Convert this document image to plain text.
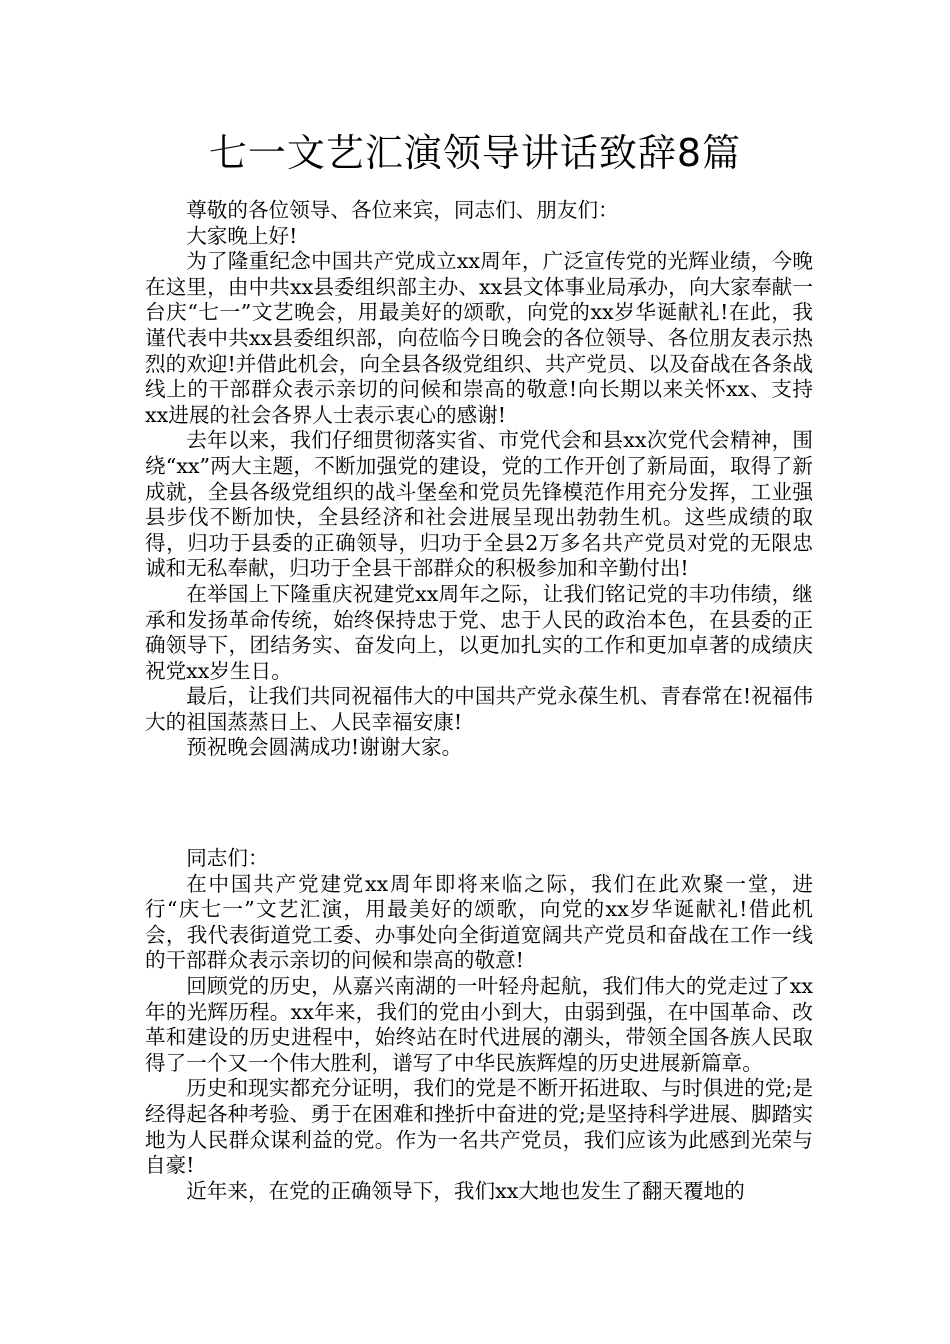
七一文艺汇演领导讲话致辞8篇

尊敬的各位领导、各位来宾，同志们、朋友们：

大家晚上好!

为了隆重纪念中国共产党成立xx周年，广泛宣传党的光辉业绩，今晚在这里，由中共xx县委组织部主办、xx县文体事业局承办，向大家奉献一台庆“七一”文艺晚会，用最美好的颂歌，向党的xx岁华诞献礼!在此，我谨代表中共xx县委组织部，向莅临今日晚会的各位领导、各位朋友表示热烈的欢迎!并借此机会，向全县各级党组织、共产党员、以及奋战在各条战线上的干部群众表示亲切的问候和崇高的敬意!向长期以来关怀xx、支持xx进展的社会各界人士表示衷心的感谢!

去年以来，我们仔细贯彻落实省、市党代会和县xx次党代会精神，围绕“xx”两大主题，不断加强党的建设，党的工作开创了新局面，取得了新成就，全县各级党组织的战斗堡垒和党员先锋模范作用充分发挥，工业强县步伐不断加快，全县经济和社会进展呈现出勃勃生机。这些成绩的取得，归功于县委的正确领导，归功于全县2万多名共产党员对党的无限忠诚和无私奉献，归功于全县干部群众的积极参加和辛勤付出!

在举国上下隆重庆祝建党xx周年之际，让我们铭记党的丰功伟绩，继承和发扬革命传统，始终保持忠于党、忠于人民的政治本色，在县委的正确领导下，团结务实、奋发向上，以更加扎实的工作和更加卓著的成绩庆祝党xx岁生日。

最后，让我们共同祝福伟大的中国共产党永葆生机、青春常在!祝福伟大的祖国蒸蒸日上、人民幸福安康!

预祝晚会圆满成功!谢谢大家。

同志们：

在中国共产党建党xx周年即将来临之际，我们在此欢聚一堂，进行“庆七一”文艺汇演，用最美好的颂歌，向党的xx岁华诞献礼!借此机会，我代表街道党工委、办事处向全街道宽阔共产党员和奋战在工作一线的干部群众表示亲切的问候和崇高的敬意!

回顾党的历史，从嘉兴南湖的一叶轻舟起航，我们伟大的党走过了xx年的光辉历程。xx年来，我们的党由小到大，由弱到强，在中国革命、改革和建设的历史进程中，始终站在时代进展的潮头，带领全国各族人民取得了一个又一个伟大胜利，谱写了中华民族辉煌的历史进展新篇章。

历史和现实都充分证明，我们的党是不断开拓进取、与时俱进的党;是经得起各种考验、勇于在困难和挫折中奋进的党;是坚持科学进展、脚踏实地为人民群众谋利益的党。作为一名共产党员，我们应该为此感到光荣与自豪!

近年来，在党的正确领导下，我们xx大地也发生了翻天覆地的
